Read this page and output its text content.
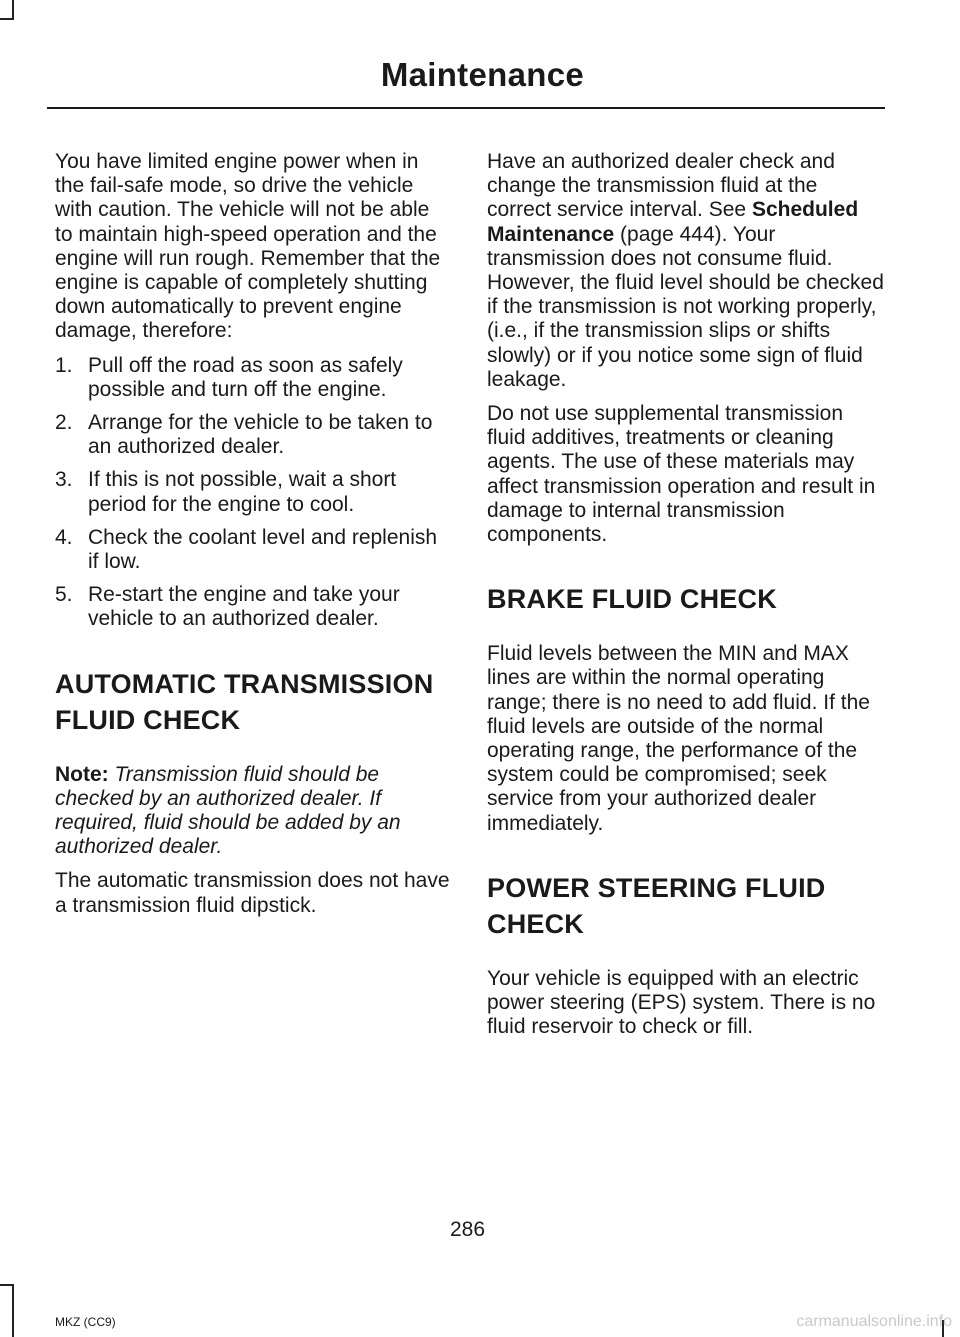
Maintenance

You have limited engine power when in the fail-safe mode, so drive the vehicle with caution. The vehicle will not be able to maintain high-speed operation and the engine will run rough. Remember that the engine is capable of completely shutting down automatically to prevent engine damage, therefore:

1. Pull off the road as soon as safely possible and turn off the engine.
2. Arrange for the vehicle to be taken to an authorized dealer.
3. If this is not possible, wait a short period for the engine to cool.
4. Check the coolant level and replenish if low.
5. Re-start the engine and take your vehicle to an authorized dealer.
AUTOMATIC TRANSMISSION FLUID CHECK

Note: Transmission fluid should be checked by an authorized dealer. If required, fluid should be added by an authorized dealer.

The automatic transmission does not have a transmission fluid dipstick.

Have an authorized dealer check and change the transmission fluid at the correct service interval. See Scheduled Maintenance (page 444). Your transmission does not consume fluid. However, the fluid level should be checked if the transmission is not working properly, (i.e., if the transmission slips or shifts slowly) or if you notice some sign of fluid leakage.

Do not use supplemental transmission fluid additives, treatments or cleaning agents. The use of these materials may affect transmission operation and result in damage to internal transmission components.

BRAKE FLUID CHECK

Fluid levels between the MIN and MAX lines are within the normal operating range; there is no need to add fluid. If the fluid levels are outside of the normal operating range, the performance of the system could be compromised; seek service from your authorized dealer immediately.

POWER STEERING FLUID CHECK

Your vehicle is equipped with an electric power steering (EPS) system. There is no fluid reservoir to check or fill.

286
MKZ (CC9)	carmanualsonline.info
